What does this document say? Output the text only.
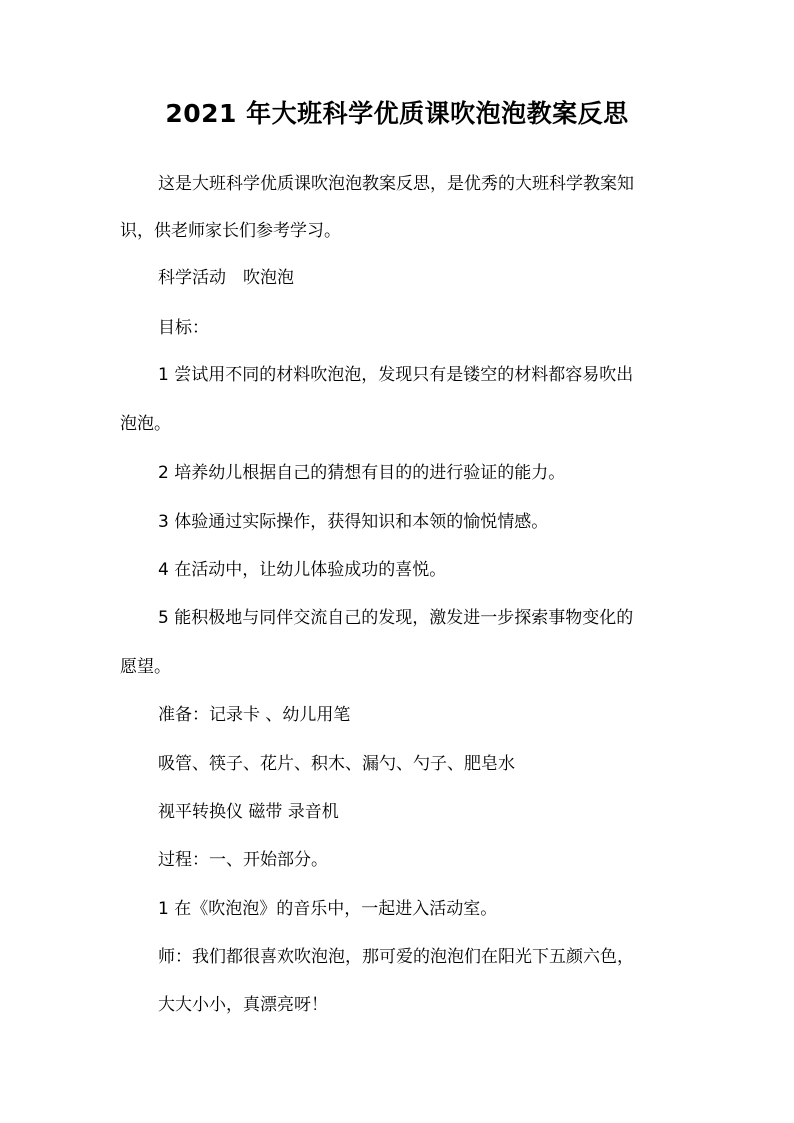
2021 年大班科学优质课吹泡泡教案反思
这是大班科学优质课吹泡泡教案反思，是优秀的大班科学教案知
识，供老师家长们参考学习。
科学活动　吹泡泡
目标：
1 尝试用不同的材料吹泡泡，发现只有是镂空的材料都容易吹出
泡泡。
2 培养幼儿根据自己的猜想有目的的进行验证的能力。
3 体验通过实际操作，获得知识和本领的愉悦情感。
4 在活动中，让幼儿体验成功的喜悦。
5 能积极地与同伴交流自己的发现，激发进一步探索事物变化的
愿望。
准备：记录卡 、幼儿用笔
吸管、筷子、花片、积木、漏勺、勺子、肥皂水
视平转换仪 磁带 录音机
过程：一、开始部分。
1 在《吹泡泡》的音乐中，一起进入活动室。
师：我们都很喜欢吹泡泡，那可爱的泡泡们在阳光下五颜六色，
大大小小，真漂亮呀！
